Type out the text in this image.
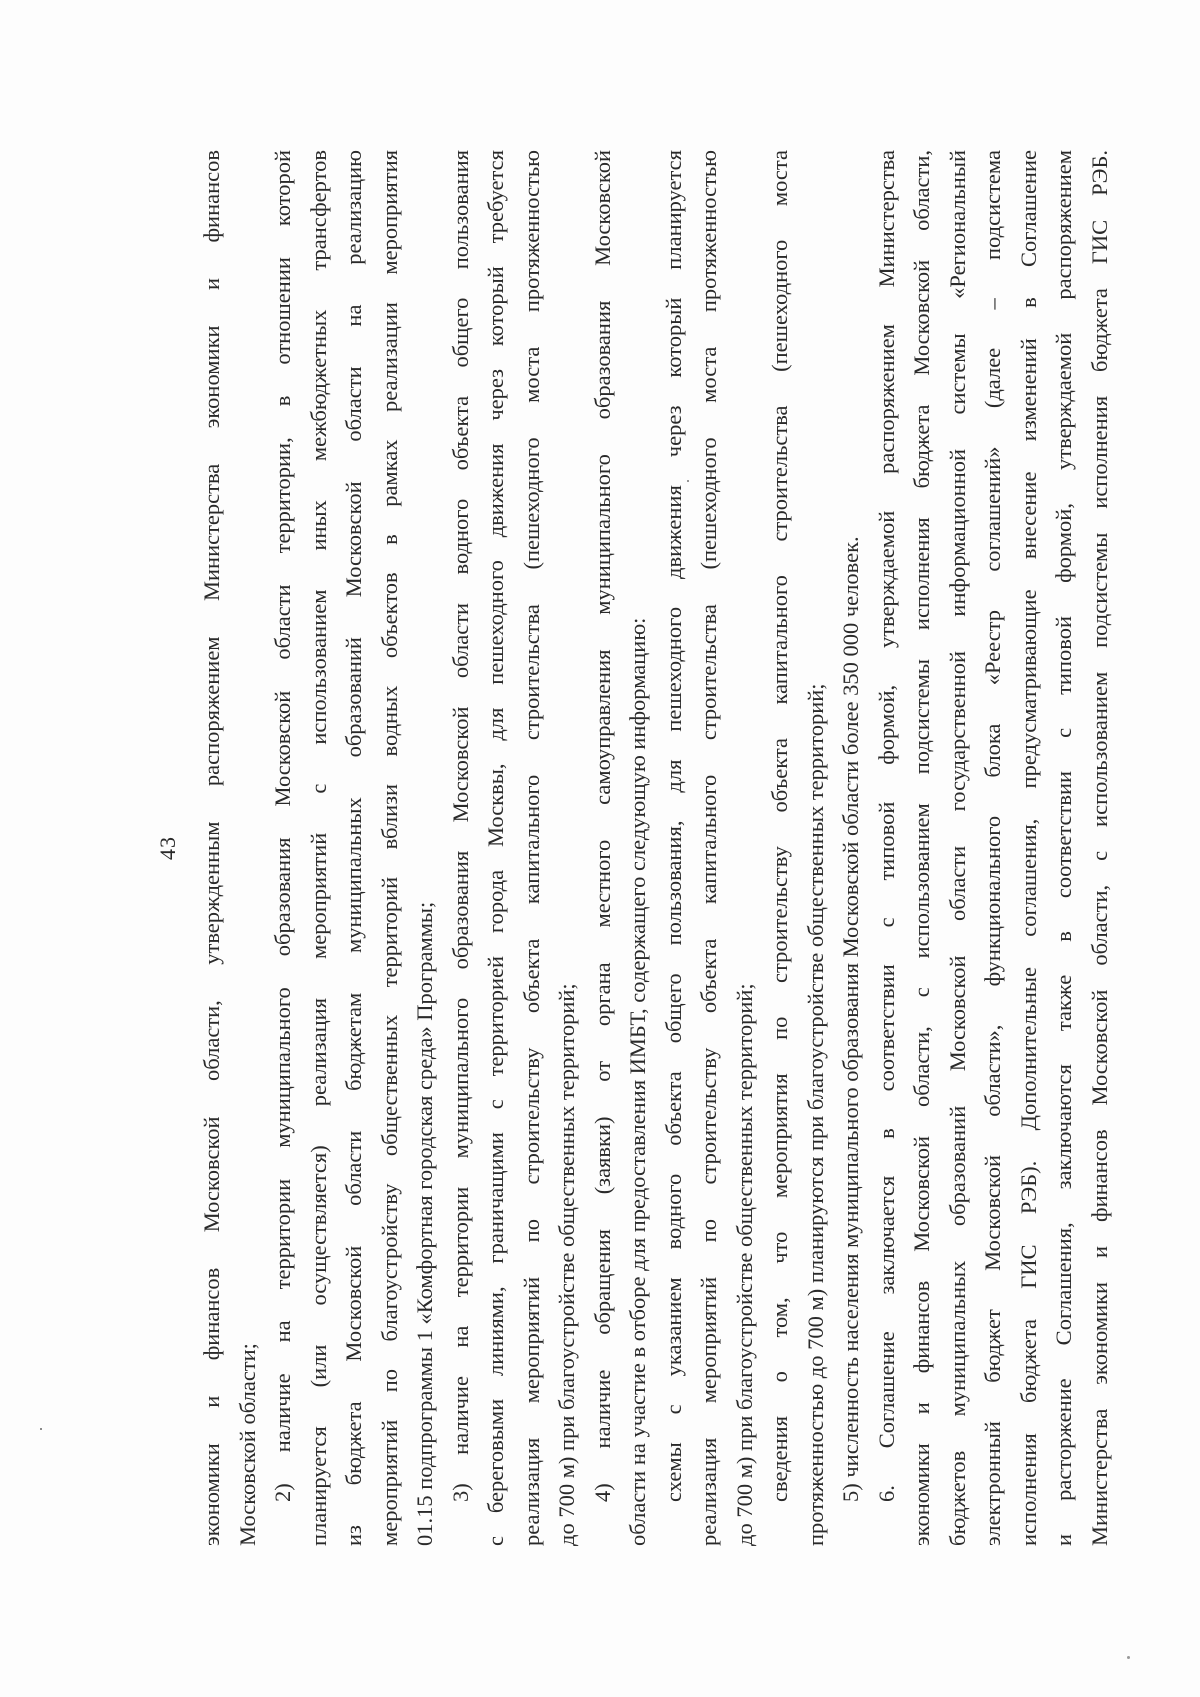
43 экономики и финансов Московской области, утвержденным распоряжением Министерства экономики и финансов Московской области; 2) наличие на территории муниципального образования Московской области территории, в отношении которой планируется (или осуществляется) реализация мероприятий с использованием иных межбюджетных трансфертов из бюджета Московской области бюджетам муниципальных образований Московской области на реализацию мероприятий по благоустройству общественных территорий вблизи водных объектов в рамках реализации мероприятия 01.15 подпрограммы 1 «Комфортная городская среда» Программы; 3) наличие на территории муниципального образования Московской области водного объекта общего пользования с береговыми линиями, граничащими с территорией города Москвы, для пешеходного движения через который требуется реализация мероприятий по строительству объекта капитального строительства (пешеходного моста протяженностью до 700 м) при благоустройстве общественных территорий; 4) наличие обращения (заявки) от органа местного самоуправления муниципального образования Московской области на участие в отборе для предоставления ИМБТ, содержащего следующую информацию: схемы с указанием водного объекта общего пользования, для пешеходного движения через который планируется реализация мероприятий по строительству объекта капитального строительства (пешеходного моста протяженностью до 700 м) при благоустройстве общественных территорий; сведения о том, что мероприятия по строительству объекта капитального строительства (пешеходного моста протяженностью до 700 м) планируются при благоустройстве общественных территорий; 5) численность населения муниципального образования Московской области более 350 000 человек. 6. Соглашение заключается в соответствии с типовой формой, утверждаемой распоряжением Министерства экономики и финансов Московской области, с использованием подсистемы исполнения бюджета Московской области, бюджетов муниципальных образований Московской области государственной информационной системы «Региональный электронный бюджет Московской области», функционального блока «Реестр соглашений» (далее – подсистема исполнения бюджета ГИС РЭБ). Дополнительные соглашения, предусматривающие внесение изменений в Соглашение и расторжение Соглашения, заключаются также в соответствии с типовой формой, утверждаемой распоряжением Министерства экономики и финансов Московской области, с использованием подсистемы исполнения бюджета ГИС РЭБ.
